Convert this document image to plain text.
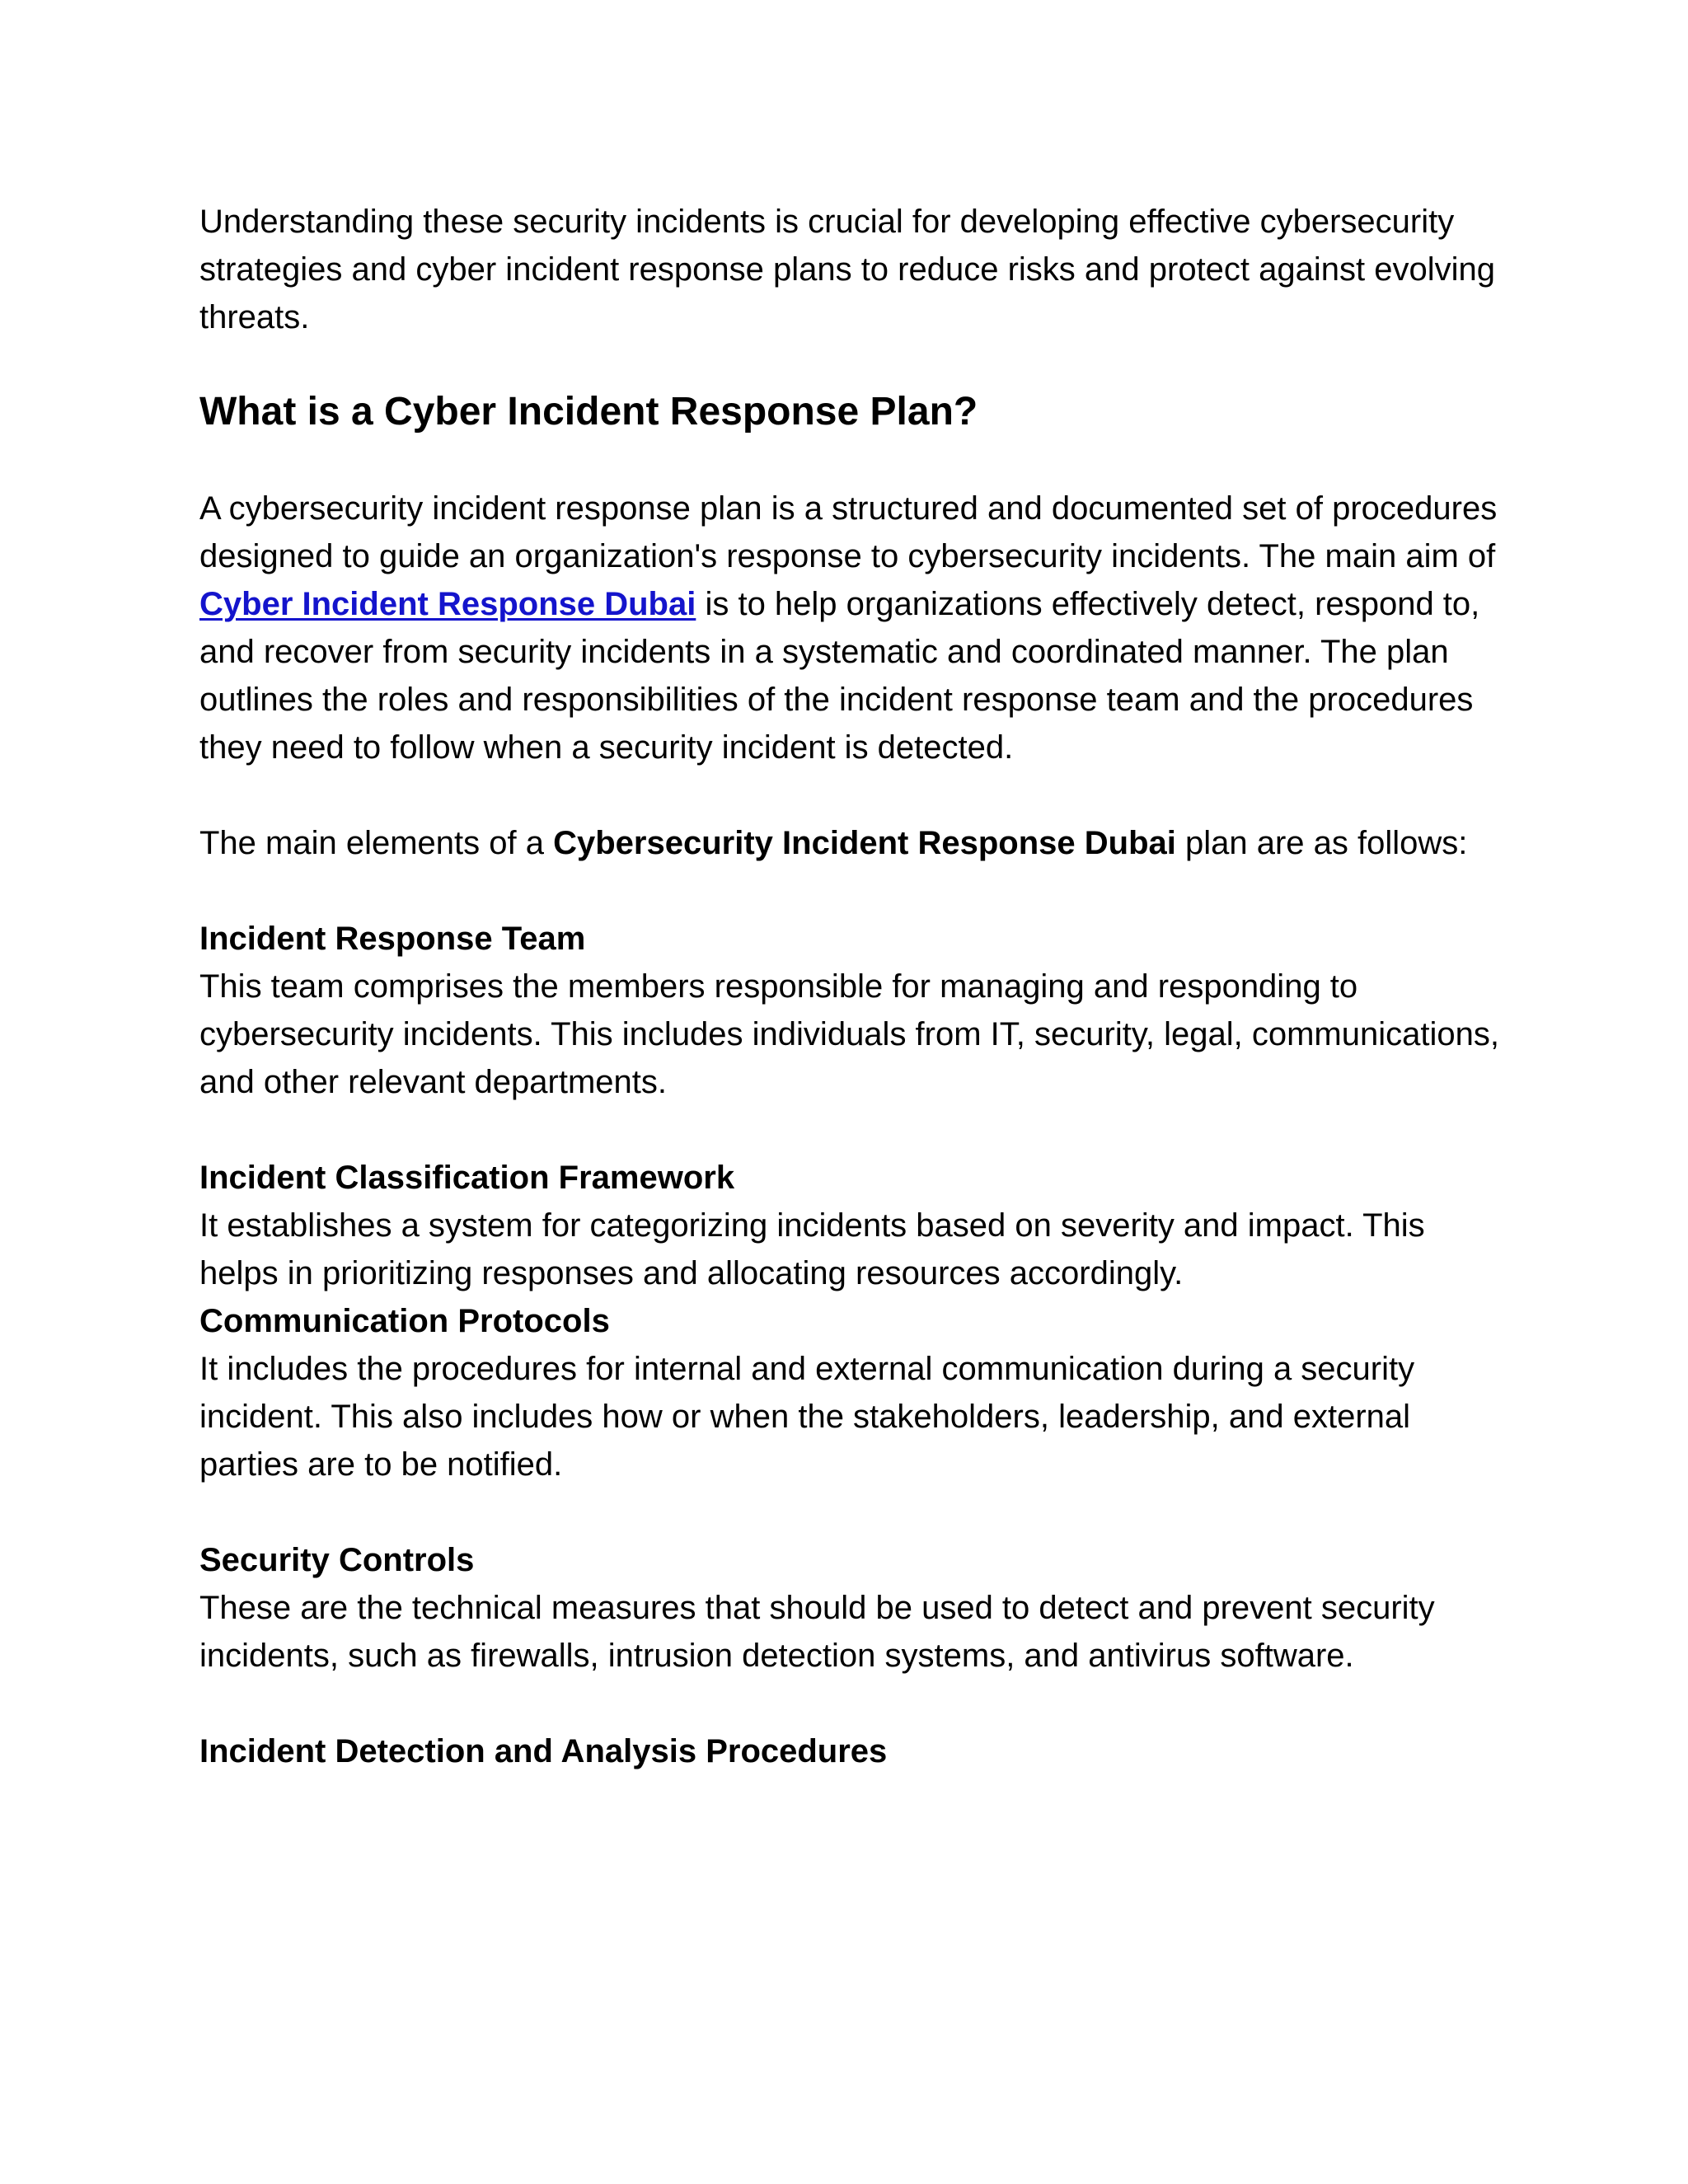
Understanding these security incidents is crucial for developing effective cybersecurity strategies and cyber incident response plans to reduce risks and protect against evolving threats.

What is a Cyber Incident Response Plan?

A cybersecurity incident response plan is a structured and documented set of procedures designed to guide an organization's response to cybersecurity incidents. The main aim of Cyber Incident Response Dubai is to help organizations effectively detect, respond to, and recover from security incidents in a systematic and coordinated manner. The plan outlines the roles and responsibilities of the incident response team and the procedures they need to follow when a security incident is detected.

The main elements of a Cybersecurity Incident Response Dubai plan are as follows:

Incident Response Team

This team comprises the members responsible for managing and responding to cybersecurity incidents. This includes individuals from IT, security, legal, communications, and other relevant departments.

Incident Classification Framework

It establishes a system for categorizing incidents based on severity and impact. This helps in prioritizing responses and allocating resources accordingly.

Communication Protocols

It includes the procedures for internal and external communication during a security incident. This also includes how or when the stakeholders, leadership, and external parties are to be notified.

Security Controls

These are the technical measures that should be used to detect and prevent security incidents, such as firewalls, intrusion detection systems, and antivirus software.

Incident Detection and Analysis Procedures
